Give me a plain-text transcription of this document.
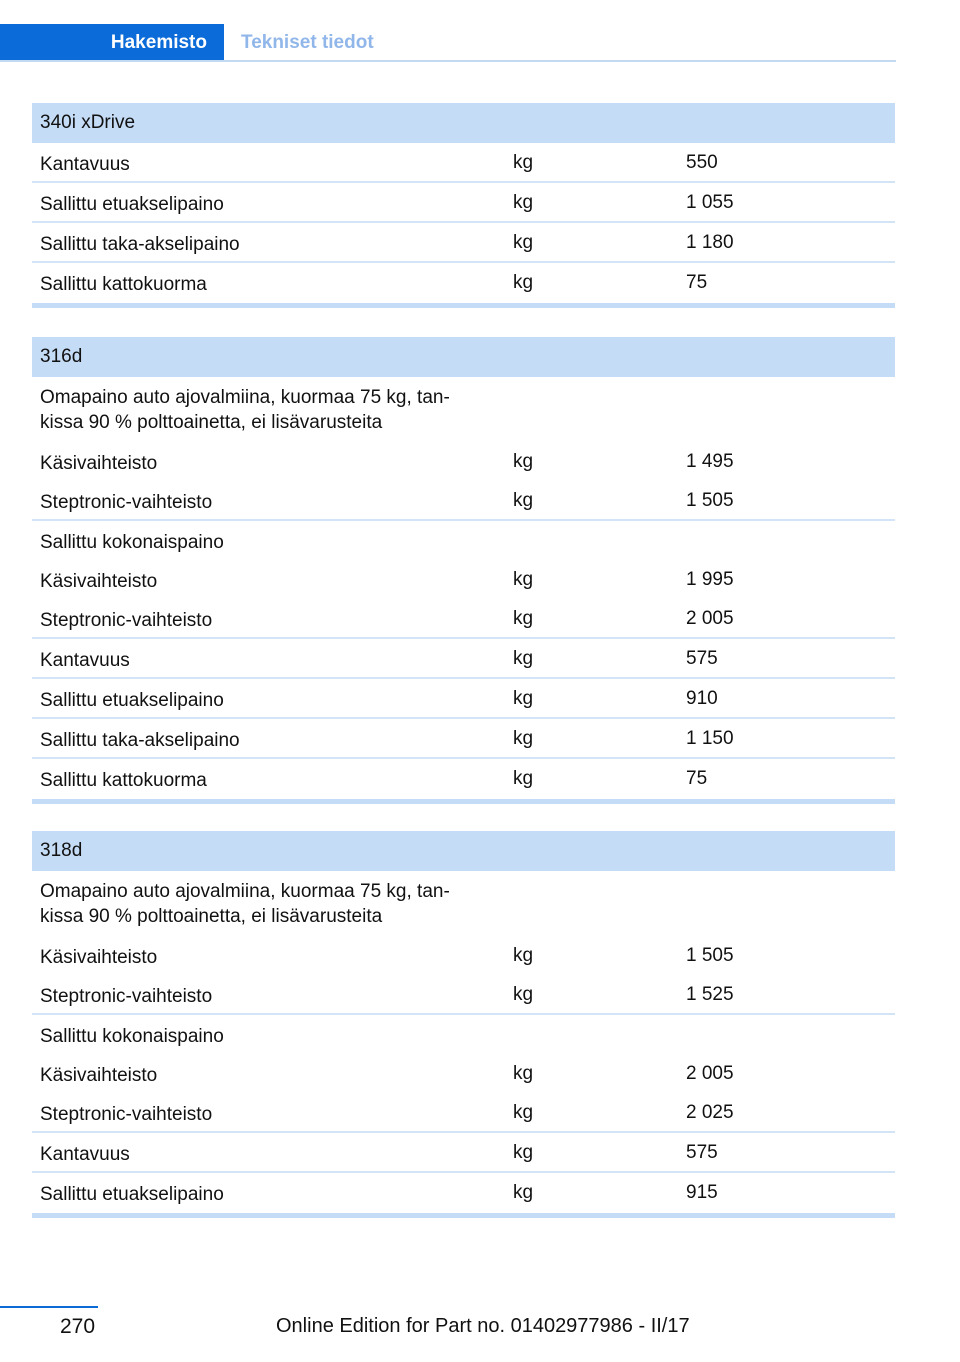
Hakemisto	Tekniset tiedot
340i xDrive
Kantavuus	kg	550
Sallittu etuakselipaino	kg	1 055
Sallittu taka-akselipaino	kg	1 180
Sallittu kattokuorma	kg	75
316d
Omapaino auto ajovalmiina, kuormaa 75 kg, tan-
kissa 90 % polttoainetta, ei lisävarusteita
Käsivaihteisto	kg	1 495
Steptronic-vaihteisto	kg	1 505
Sallittu kokonaispaino
Käsivaihteisto	kg	1 995
Steptronic-vaihteisto	kg	2 005
Kantavuus	kg	575
Sallittu etuakselipaino	kg	910
Sallittu taka-akselipaino	kg	1 150
Sallittu kattokuorma	kg	75
318d
Omapaino auto ajovalmiina, kuormaa 75 kg, tan-
kissa 90 % polttoainetta, ei lisävarusteita
Käsivaihteisto	kg	1 505
Steptronic-vaihteisto	kg	1 525
Sallittu kokonaispaino
Käsivaihteisto	kg	2 005
Steptronic-vaihteisto	kg	2 025
Kantavuus	kg	575
Sallittu etuakselipaino	kg	915
270	Online Edition for Part no. 01402977986 - II/17
